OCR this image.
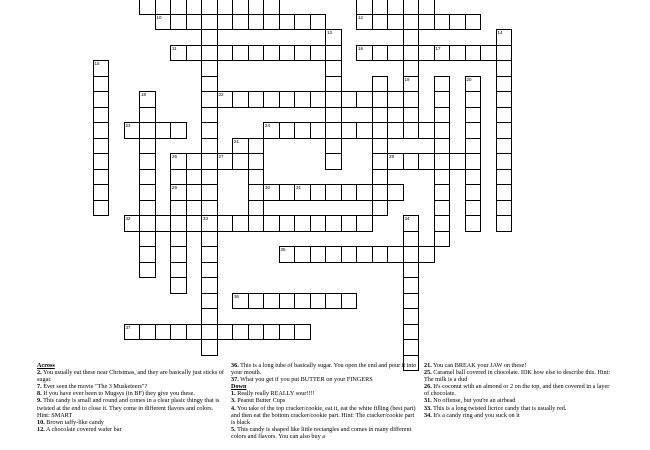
10	12
11	16	17
22
23	24
26	27	28
29	30	31
32	33
35
36
37
15
18
13
19	20
14
34
21

Across

2. You usually eat these near Christmas, and they are basically just sticks of sugar.

7. Ever seen the movie "The 3 Musketeers"?

8. If you have ever been to Mugsys (in BF) they give you these.

9. This candy is small and round and comes in a clear plasic thingy that is twisted at the end to close it. They come in different flavors and colors. Hint: SMART

10. Brown taffy-like candy

12. A chocolate covered wafer bar

36. This is a long tube of basically sugar. You open the end and pour it into your mouth.

37. What you get if you put BUTTER on your FINGERS

Down

1. Really really REALLY sour!!!!

3. Peanut Butter Cups

4. You take of the top cracker/cookie, eat it, eat the white filling (best part) and then eat the bottom cracker/cookie part. Hint: The cracker/cookie part is black

5. This candy is shaped like little rectangles and comes in many different colors and flavors. You can also buy a

21. You can BREAK your JAW on these!

25. Caramel ball covered in chocolate. IDK how else to describe this. Hint: The milk is a dud

26. It's coconut with an almond or 2 on the top, and then covered in a layer of chocolate.

31. No offense, but you're an airhead

33. This is a long twisted licrice candy that is usually red.

34. It's a candy ring and you suck on it
